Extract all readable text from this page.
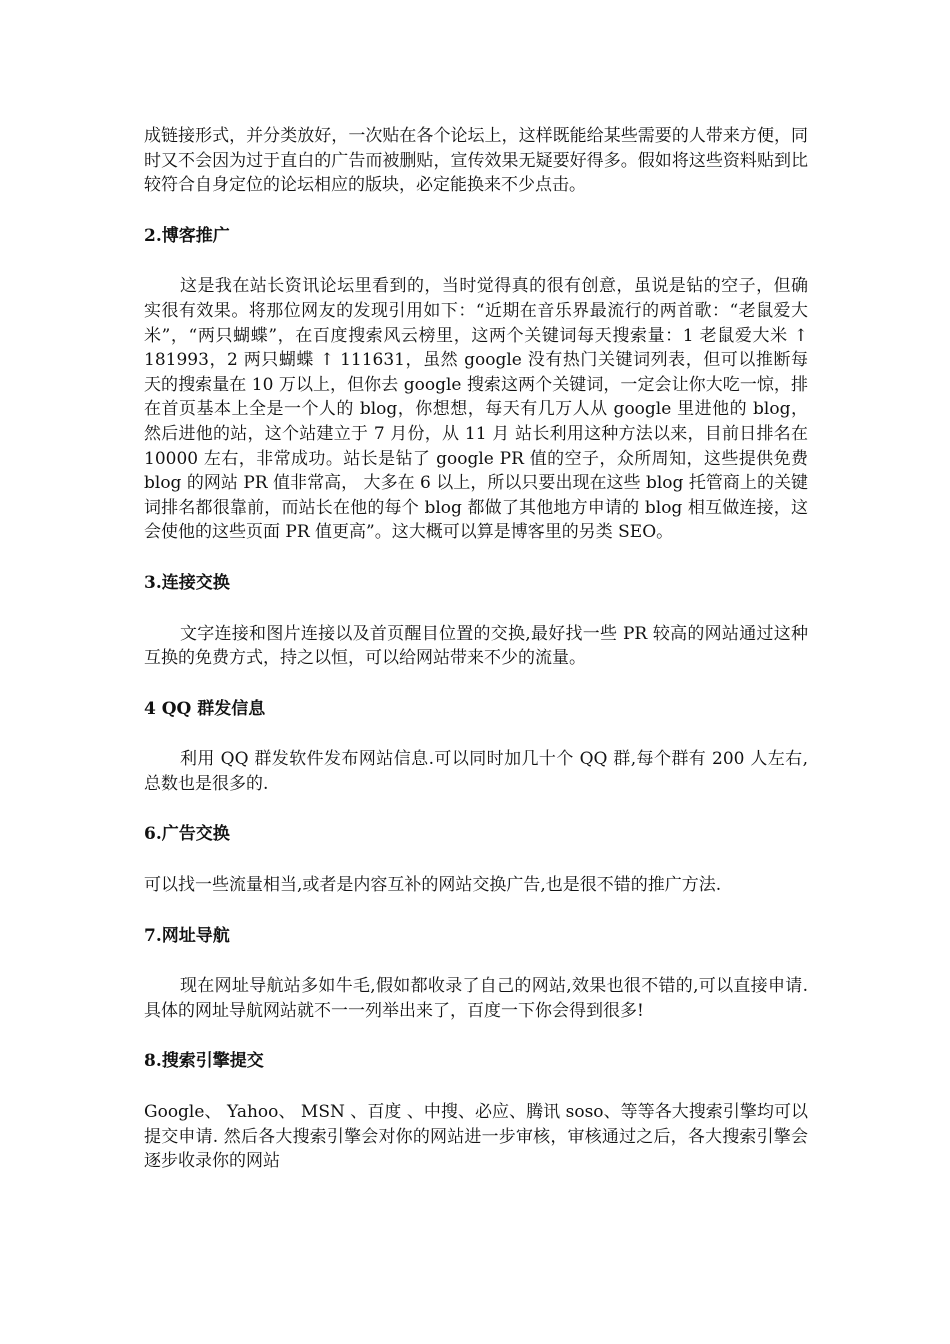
成链接形式，并分类放好，一次贴在各个论坛上，这样既能给某些需要的人带来方便，同时又不会因为过于直白的广告而被删贴，宣传效果无疑要好得多。假如将这些资料贴到比较符合自身定位的论坛相应的版块，必定能换来不少点击。

2.博客推广

这是我在站长资讯论坛里看到的，当时觉得真的很有创意，虽说是钻的空子，但确实很有效果。将那位网友的发现引用如下：“近期在音乐界最流行的两首歌：“老鼠爱大米”，“两只蝴蝶”，在百度搜索风云榜里，这两个关键词每天搜索量：1 老鼠爱大米 ↑ 181993，2 两只蝴蝶 ↑ 111631，虽然 google 没有热门关键词列表，但可以推断每天的搜索量在 10 万以上，但你去 google 搜索这两个关键词，一定会让你大吃一惊，排在首页基本上全是一个人的 blog，你想想，每天有几万人从 google 里进他的 blog，然后进他的站，这个站建立于 7 月份，从 11 月 站长利用这种方法以来，目前日排名在 10000 左右，非常成功。站长是钻了 google PR 值的空子，众所周知，这些提供免费 blog 的网站 PR 值非常高， 大多在 6 以上，所以只要出现在这些 blog 托管商上的关键词排名都很靠前，而站长在他的每个 blog 都做了其他地方申请的 blog 相互做连接，这会使他的这些页面 PR 值更高”。这大概可以算是博客里的另类 SEO。

3.连接交换

文字连接和图片连接以及首页醒目位置的交换,最好找一些 PR 较高的网站通过这种互换的免费方式，持之以恒，可以给网站带来不少的流量。

4 QQ 群发信息

利用 QQ 群发软件发布网站信息.可以同时加几十个 QQ 群,每个群有 200 人左右,总数也是很多的.

6.广告交换

可以找一些流量相当,或者是内容互补的网站交换广告,也是很不错的推广方法.

7.网址导航

现在网址导航站多如牛毛,假如都收录了自己的网站,效果也很不错的,可以直接申请. 具体的网址导航网站就不一一列举出来了，百度一下你会得到很多!

8.搜索引擎提交

Google、 Yahoo、 MSN 、百度 、中搜、必应、腾讯 soso、等等各大搜索引擎均可以提交申请. 然后各大搜索引擎会对你的网站进一步审核，审核通过之后，各大搜索引擎会逐步收录你的网站
